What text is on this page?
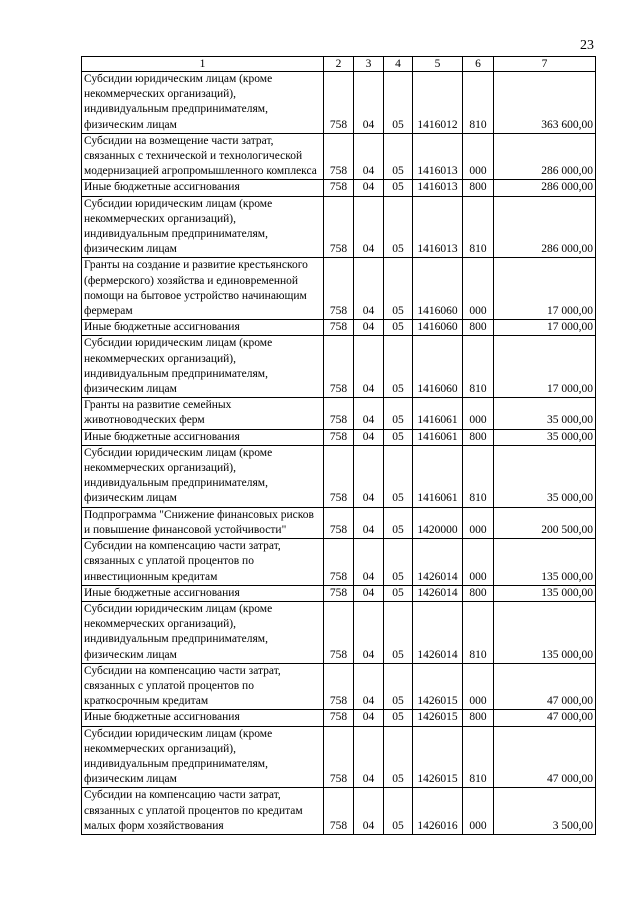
23
1	2	3	4	5	6	7
Субсидии юридическим лицам (кроме некоммерческих организаций), индивидуальным предпринимателям, физическим лицам	758	04	05	1416012	810	363 600,00
Субсидии на возмещение части затрат, связанных с технической и технологической модернизацией агропромышленного комплекса	758	04	05	1416013	000	286 000,00
Иные бюджетные ассигнования	758	04	05	1416013	800	286 000,00
Субсидии юридическим лицам (кроме некоммерческих организаций), индивидуальным предпринимателям, физическим лицам	758	04	05	1416013	810	286 000,00
Гранты на создание и развитие крестьянского (фермерского) хозяйства и единовременной помощи на бытовое устройство начинающим фермерам	758	04	05	1416060	000	17 000,00
Иные бюджетные ассигнования	758	04	05	1416060	800	17 000,00
Субсидии юридическим лицам (кроме некоммерческих организаций), индивидуальным предпринимателям, физическим лицам	758	04	05	1416060	810	17 000,00
Гранты на развитие семейных животноводческих ферм	758	04	05	1416061	000	35 000,00
Иные бюджетные ассигнования	758	04	05	1416061	800	35 000,00
Субсидии юридическим лицам (кроме некоммерческих организаций), индивидуальным предпринимателям, физическим лицам	758	04	05	1416061	810	35 000,00
Подпрограмма "Снижение финансовых рисков и повышение финансовой устойчивости"	758	04	05	1420000	000	200 500,00
Субсидии на компенсацию части затрат, связанных с уплатой процентов по инвестиционным кредитам	758	04	05	1426014	000	135 000,00
Иные бюджетные ассигнования	758	04	05	1426014	800	135 000,00
Субсидии юридическим лицам (кроме некоммерческих организаций), индивидуальным предпринимателям, физическим лицам	758	04	05	1426014	810	135 000,00
Субсидии на компенсацию части затрат, связанных с уплатой процентов по краткосрочным кредитам	758	04	05	1426015	000	47 000,00
Иные бюджетные ассигнования	758	04	05	1426015	800	47 000,00
Субсидии юридическим лицам (кроме некоммерческих организаций), индивидуальным предпринимателям, физическим лицам	758	04	05	1426015	810	47 000,00
Субсидии на компенсацию части затрат, связанных с уплатой процентов по кредитам малых форм хозяйствования	758	04	05	1426016	000	3 500,00
